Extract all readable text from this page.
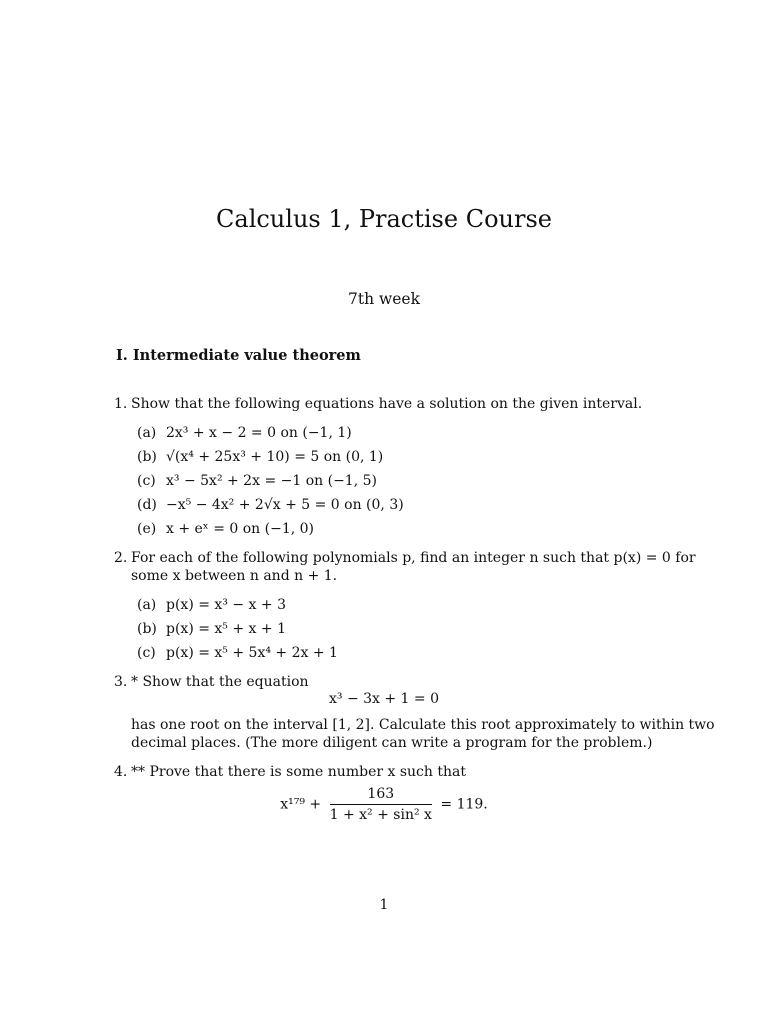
Calculus 1, Practise Course
7th week
I. Intermediate value theorem
1. Show that the following equations have a solution on the given interval.
(a) 2x³ + x − 2 = 0 on (−1, 1)
(b) √(x⁴ + 25x³ + 10) = 5 on (0, 1)
(c) x³ − 5x² + 2x = −1 on (−1, 5)
(d) −x⁵ − 4x² + 2√x + 5 = 0 on (0, 3)
(e) x + eˣ = 0 on (−1, 0)
2. For each of the following polynomials p, find an integer n such that p(x) = 0 for
some x between n and n + 1.
(a) p(x) = x³ − x + 3
(b) p(x) = x⁵ + x + 1
(c) p(x) = x⁵ + 5x⁴ + 2x + 1
3. * Show that the equation
x³ − 3x + 1 = 0
has one root on the interval [1, 2]. Calculate this root approximately to within two
decimal places. (The more diligent can write a program for the problem.)
4. ** Prove that there is some number x such that
$x^{179} + \frac{163}{\text{1 + x² + sin² x}} = 119$.
1
